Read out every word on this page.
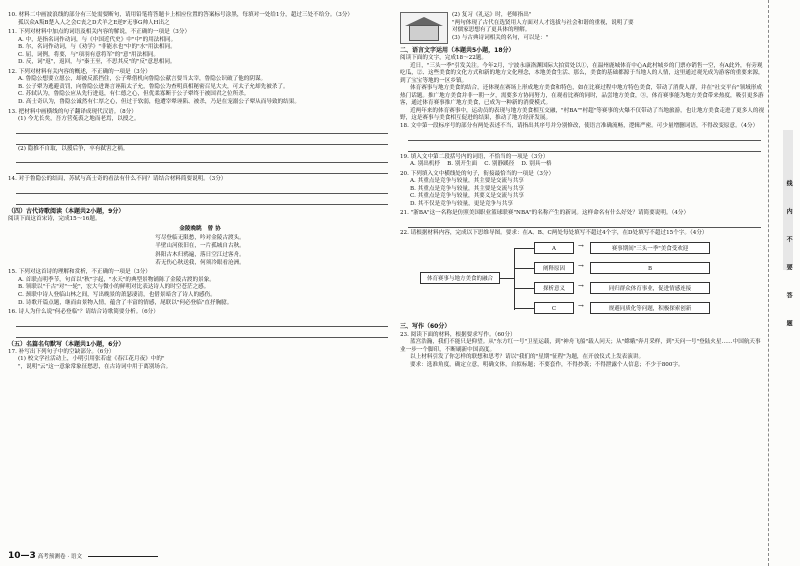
10. 材料二中画波浪线的部分有三处需要断句，请用铅笔将答题卡上相应位置的答案标号涂黑，每填对一处给1分，超过三处不给分。（3分）
孤以众A叛B楚入人之会C丧之D犬羊之E逆F无事G帅人H出之
11. 下列对材料中加点的词语及相关内容的解说，不正确的一项是（3分）
A. 中，是指名词作动词，与《中国近代史》中"中"的用法相同。
B. 尔，名词作动词，与《劝学》"非能水也"中的"水"用法相同。
C. 屈，词例，将要，与"项羽有意将军"的"意"用法相同。
D. 反，词"返"，返回，与"秦王至，不思其反"的"反"意思相同。
12. 下列对材料有关内容的概述，不正确的一项是（3分）
A. 鲁隐公想要立愿公，却被反派挡住，公子翚借机向鲁隐公献言要当太宰，鲁隐公识破了他的阴谋。
B. 公子翚为逃避责罚，向鲁隐公进谗言诬陷太子允，鲁隐公为查明真相秘密召见大夫，可太子允却先被杀了。
C. 苏轼认为，鲁隐公应从先行进退，有仁德之心，但优柔寡断于公子翚终于被国君之位所杀。
D. 高士奇认为，鲁隐公诚然有仁厚之心，但过于软弱，他遭宰翚诬陷、被杀，乃是在宠溺公子翚从而导致的结果。
13. 把材料中画横线的句子翻译成现代汉语。（8分）
(1) 今尤长矣，吾方营菟裘之地而老焉，以授之。
(2) 隐推不自取，以援后争，卒有弑害之祸。
14. 对于鲁隐公的结局，苏轼与高士奇的看法有什么不同？请结合材料简要说明。（3分）
（四）古代诗歌阅读（本题共2小题，9分）
阅读下面这首宋诗，完成15～16题。
金陵晚眺 曾 协
写尽登临无限愁，吟对金陵古渡头。
半壁山河依旧在，一片孤城自古秋。
斜阳古木归鸦遍，落日空江过客舟。
若无伤心秋送我，何须冷眼看沧洲。
15. 下列对这首诗的理解和赏析，不正确的一项是（3分）
A. 首联点明季节，句首以"秋"字起，"水天"的典型景物铺陈了金陵古渡的景象。
B. 领联以"千古"对"一轮"，宏大与微小的鲜明对比表达诗人的时空苍茫之感。
C. 颈联中诗人登临山林之间，写出晚景的萧瑟凄清，也借景暗含了诗人的感伤。
D. 诗歌开篇点题，继而由景物入情，蕴含了丰富的情感，尾联以"何必登临"直抒胸臆。
16. 诗人为什么说"何必登临"？请结合诗歌简要分析。（6分）
（五）名篇名句默写（本题共1小题，6分）
17. 补写出下列句子中的空缺部分。（6分）
(1) 校文学社活动上，小明引用张若虚《春江花月夜》中的"
"，说明"云"这一意象常象征愁思，在古诗词中用于离别场合。
(2) 复习《礼运》时，老师指出"
"两句体现了古代在选贤用人方面对人才选拔与社会和谐的重视，说明了要
对儒家思想有了更具体的理解。
(3) 与古典诗词相关的名句，可以是："
二、语言文字运用（本题共5小题，18分）
阅读下面的文字，完成18～22题。

近日，"三头一季"引发关注。今年2月，宁波永康洛渊国际大拍赏处以①，在温州鹿城体育中心A此村城乡的门票亦销售一空，有A此外，有旁观吃瓜，②、这些美食的文化方式和新的地方文化理念，本地美食生活、那么，美食的基础都源于当地人的人情，这里通过观光成为游客的重要来源，到了宝宝等地的一区乡镇。

体育赛事与地方美食的结合，还体现在赛场上形成地方美食和特色，如在比赛过程中地方特色美食，带动了消费人群，并在"社交平台"领域形成热门话题。推广地方美食并非一朝一夕，需要多方协同努力，在观看比赛的同时，品尝地方美食，③，体育赛事能为地方美食带来热度，吸引更多游客，通过体育赛事推广地方美食，已成为一种新的消费模式。

近两年来的体育赛事中，运动员的表现与地方美食相互交融，"村BA""村超"等赛事的火爆不仅带动了当地旅游，也让地方美食走进了更多人的视野，这是赛事与美食相互促进的结果，推动了地方经济发展。

18. 文中第一段标序号的部分有两处表述不当，请指出其序号并分别修改，使语言准确流畅，逻辑严密。可少量增删词语，不得改变原意。（4分）
19. 填入文中第二段括号内的词语，不恰当的一项是（3分）
A. 别出机杼 B. 别开生面 C. 别静蹊径 D. 别具一格
20. 下列填入文中横线处的句子，衔接最恰当的一项是（3分）
A. 其重点是竞争与较量，其主要是交流与共享
B. 其重点是竞争与较量，其主要是交流与共享
C. 其重点是竞争与较量，其要义是交流与共享
D. 其不仅是竞争与较量，更是竞争与共享
21. "浙BA"这一名称是仿照美国职业篮球联赛"NBA"的名称产生的新词。这样命名有什么好处？请简要说明。（4分）
22. 请根据材料内容，完成以下思维导图。要求：在A、B、C两处每处填写不超过4个字，在D处填写不超过15个字。（4分）
体育赛事与地方美食的融合
A
阐释原因
探析意义
C
→
→
→
→
赛事期间"三头一季"美食受欢迎
B
同归群众体育事业，促进情感连接
规避同质化等问题，积极探索创新
三、写作（60分）
23. 阅读下面的材料，根据要求写作。（60分）

蓝宫浩瀚，我们不能只是仰望。从"东方红一号"卫星运载，到"神舟飞船"载人问天；从"嫦娥"奔月采样，到"天问一号"登陆火星……中国航天事业一步一个脚印，不断刷新中国高度。

以上材料引发了你怎样的联想和思考？请以"我们的"星期"征程"为题，在开放仪式上发表演讲。

要求：选准角度，确定立意，明确文体，自拟标题；不要套作，不得抄袭；不得泄露个人信息；不少于800字。

线 内 不 要 答 题
10—3 高考预测卷 · 语文
